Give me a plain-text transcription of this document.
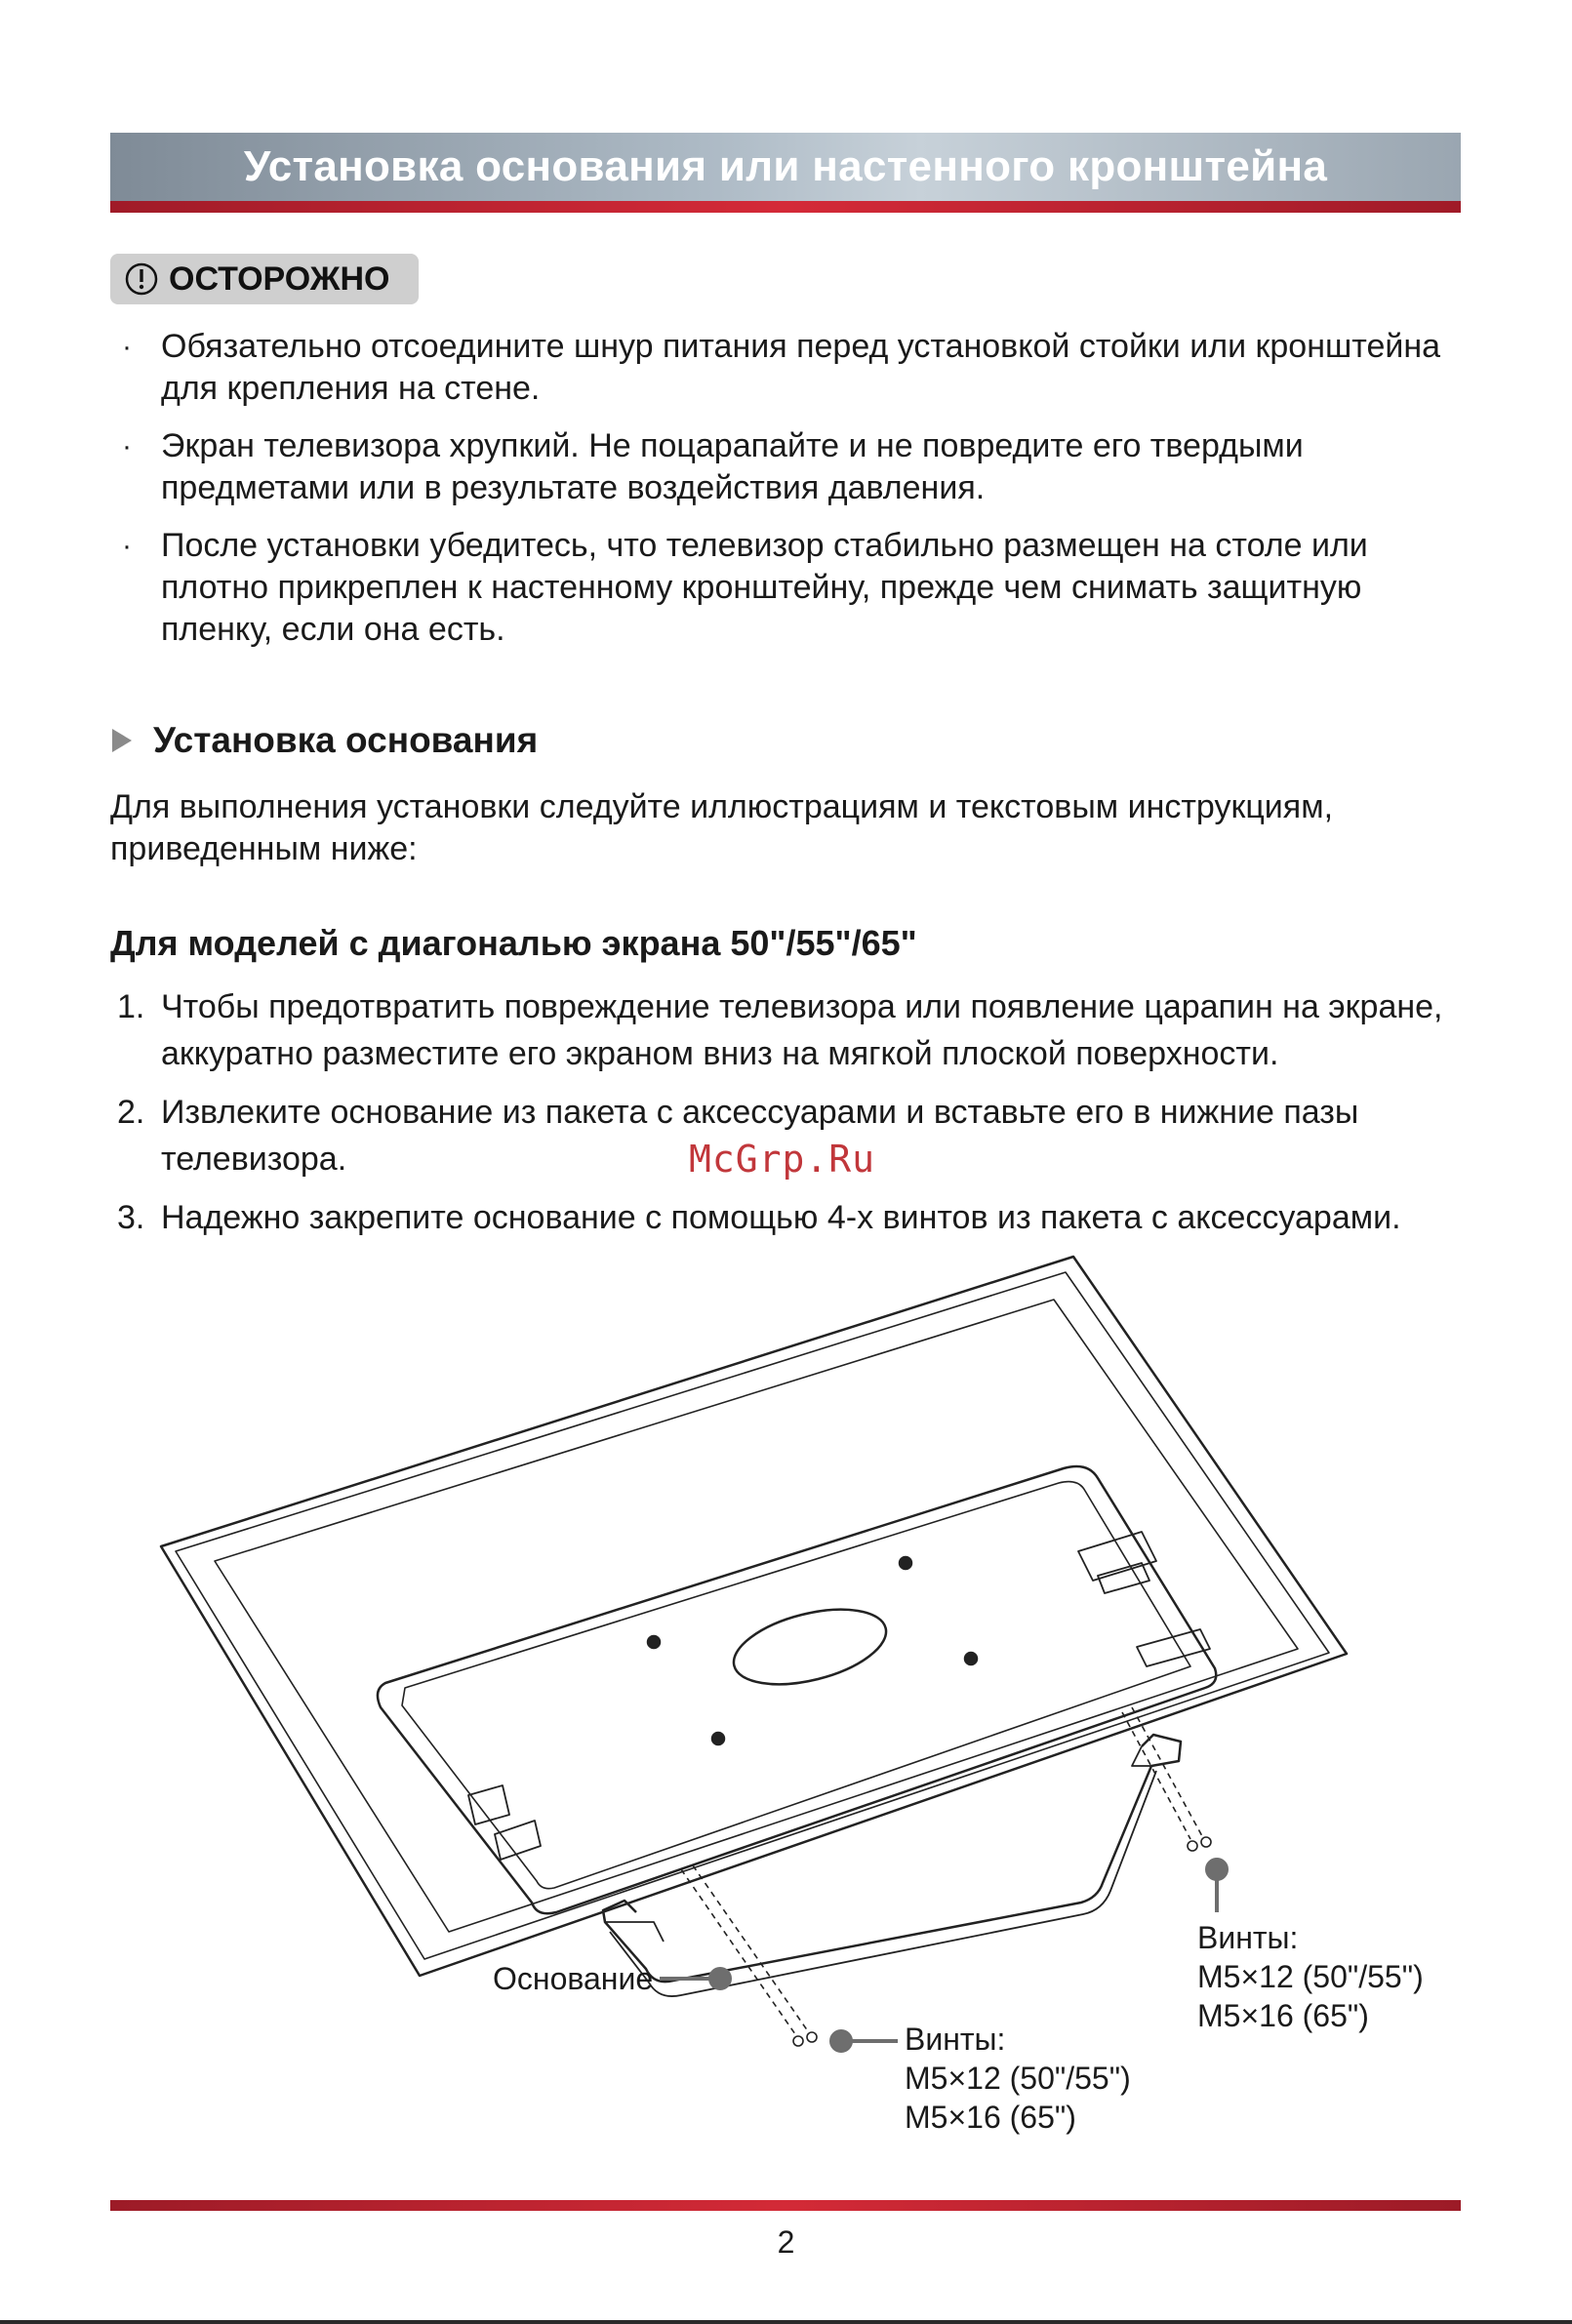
Установка основания или настенного кронштейна
ОСТОРОЖНО
· Обязательно отсоедините шнур питания перед установкой стойки или кронштейна для крепления на стене.
· Экран телевизора хрупкий. Не поцарапайте и не повредите его твердыми предметами или в результате воздействия давления.
· После установки убедитесь, что телевизор стабильно размещен на столе или плотно прикреплен к настенному кронштейну, прежде чем снимать защитную пленку, если она есть.
Установка основания
Для выполнения установки следуйте иллюстрациям и текстовым инструкциям, приведенным ниже:
Для моделей с диагональю экрана 50"/55"/65"
1. Чтобы предотвратить повреждение телевизора или появление царапин на экране, аккуратно разместите его экраном вниз на мягкой плоской поверхности.
2. Извлеките основание из пакета с аксессуарами и вставьте его в нижние пазы телевизора.
3. Надежно закрепите основание с помощью 4-х винтов из пакета с аксессуарами.
McGrp.Ru
Основание
Винты:
M5×12 (50"/55")
M5×16 (65")
Винты:
M5×12 (50"/55")
M5×16 (65")
2
